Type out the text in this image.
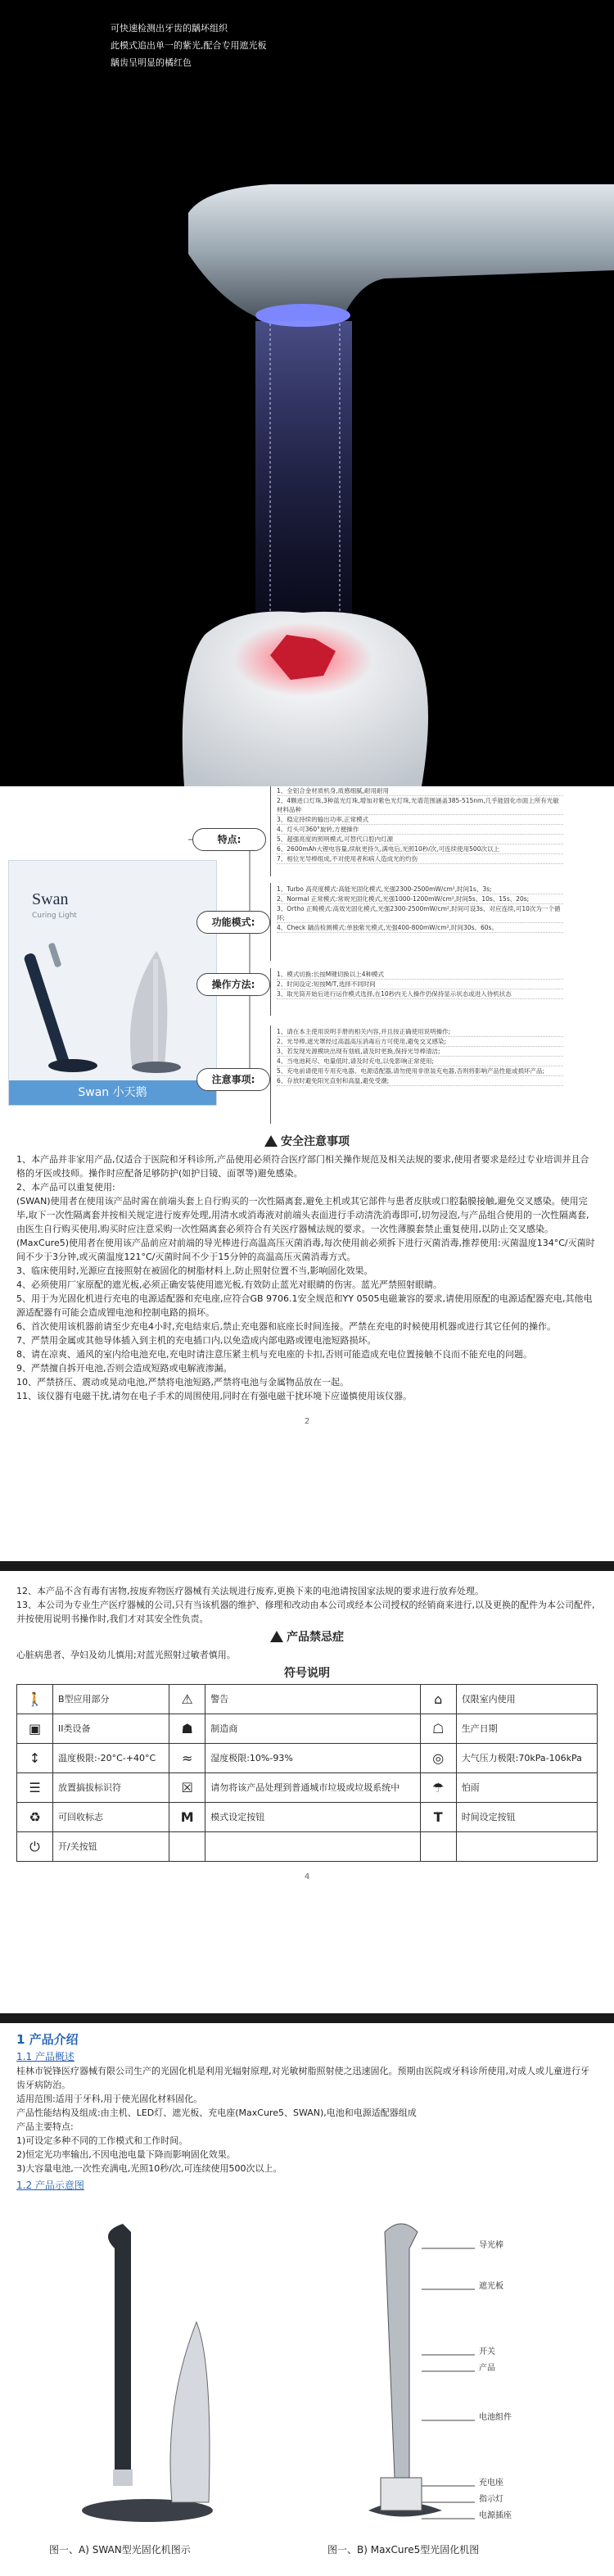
可快速检测出牙齿的龋坏组织
此模式追出单一的紫光,配合专用遮光板
龋齿呈明显的橘红色
Swan
Curing Light
Swan 小天鹅
特点:
1、全铝合金材质机身,质感细腻,耐用耐用
2、4颗进口灯珠,3种蓝光灯珠,增加对紫色光灯珠,光谱范围涵盖385-515nm,几乎能固化市面上所有光敏材料品种
3、稳定持续的输出功率,正常模式
4、灯头可360°旋转,方便操作
5、超强亮度的照明模式,可替代口腔内灯源
6、2600mAh大锂电容量,续航更持久,满电后,光照10秒/次,可连续使用500次以上
7、相位光导棒组成,不对使用者和病人造成光的灼伤
功能模式:
1、Turbo 高亮度模式:高能光固化模式,光强2300-2500mW/cm²,时间1s、3s;
2、Normal 正常模式:常规光固化模式,光强1000-1200mW/cm²,时间5s、10s、15s、20s;
3、Ortho 正畸模式:高效光固化模式,光强2300-2500mW/cm²,时间可设3s、对应连续,可10次为一个循环;
4、Check 龋齿检测模式:单独紫光模式,光强400-800mW/cm²,时间30s、60s。
操作方法:
1、模式切换:长按M键切换以上4种模式
2、时间设定:短按M/T,选择不同时间
3、取光筒开始后进行运作模式选择,在10秒内无人操作仍保持显示状态或进入待机状态
注意事项:
1、请在本主使用说明手册的相关内容,并且按正确使用说明操作;
2、光导棒,遮光罩经过高温高压消毒后方可使用,避免交叉感染;
3、若发现光源模块出现有划痕,请及时更换,保持光导棒清洁;
4、当电池耗尽、电量低时,请及时充电,以免影响正常使用;
5、充电前请使用专用充电器、电源适配器,请勿使用非原装充电器,否则将影响产品性能或损坏产品;
6、存放时避免阳光直射和高温,避免受潮;
安全注意事项

1、本产品并非家用产品,仅适合于医院和牙科诊所,产品使用必须符合医疗部门相关操作规范及相关法规的要求,使用者要求是经过专业培训并且合格的牙医或技师。操作时应配备足够防护(如护目镜、面罩等)避免感染。

2、本产品可以重复使用:

(SWAN)使用者在使用该产品时需在前端头套上自行购买的一次性隔离套,避免主机或其它部件与患者皮肤或口腔黏膜接触,避免交叉感染。使用完毕,取下一次性隔离套并按相关规定进行废弃处理,用清水或消毒液对前端头表面进行手动清洗消毒即可,切勿浸泡,与产品组合使用的一次性隔离套,由医生自行购买使用,购买时应注意采购一次性隔离套必须符合有关医疗器械法规的要求。一次性薄膜套禁止重复使用,以防止交叉感染。

(MaxCure5)使用者在使用该产品前应对前端的导光棒进行高温高压灭菌消毒,每次使用前必须拆下进行灭菌消毒,推荐使用:灭菌温度134°C/灭菌时间不少于3分钟,或灭菌温度121°C/灭菌时间不少于15分钟的高温高压灭菌消毒方式。

3、临床使用时,光源应直接照射在被固化的树脂材料上,防止照射位置不当,影响固化效果。

4、必须使用厂家原配的遮光板,必须正确安装使用遮光板,有效防止蓝光对眼睛的伤害。蓝光严禁照射眼睛。

5、用于为光固化机进行充电的电源适配器和充电座,应符合GB 9706.1安全规范和YY 0505电磁兼容的要求,请使用原配的电源适配器充电,其他电源适配器有可能会造成锂电池和控制电路的损坏。

6、首次使用该机器前请至少充电4小时,充电结束后,禁止充电器和底座长时间连接。严禁在充电的时候使用机器或进行其它任何的操作。

7、严禁用金属或其他导体插入到主机的充电插口内,以免造成内部电路或锂电池短路损坏。

8、请在凉爽、通风的室内给电池充电,充电时请注意压紧主机与充电座的卡扣,否则可能造成充电位置接触不良而不能充电的问题。

9、严禁擅自拆开电池,否则会造成短路或电解液渗漏。

10、严禁挤压、震动或晃动电池,严禁将电池短路,严禁将电池与金属物品放在一起。

11、该仪器有电磁干扰,请勿在电子手术的周围使用,同时在有强电磁干扰环境下应谨慎使用该仪器。

2

12、本产品不含有毒有害物,按废弃物医疗器械有关法规进行废弃,更换下来的电池请按国家法规的要求进行放弃处理。

13、本公司为专业生产医疗器械的公司,只有当该机器的维护、修理和改动由本公司或经本公司授权的经销商来进行,以及更换的配件为本公司配件,并按使用说明书操作时,我们才对其安全性负责。

产品禁忌症

心脏病患者、孕妇及幼儿慎用;对蓝光照射过敏者慎用。

符号说明
🚶	B型应用部分	⚠	警告	⌂	仅限室内使用
▣	II类设备	☗	制造商	☖	生产日期
↕	温度极限:-20°C-+40°C	≈	湿度极限:10%-93%	◎	大气压力极限:70kPa-106kPa
☰	放置搞拔标识符	☒	请勿将该产品处理到普通城市垃圾或垃圾系统中	☂	怕雨
♻	可回收标志	M	模式设定按钮	T	时间设定按钮
⏻	开/关按钮				
4
1 产品介绍
1.1 产品概述

桂林市锐锋医疗器械有限公司生产的光固化机是利用光辐射原理,对光敏树脂照射使之迅速固化。预期由医院或牙科诊所使用,对成人或儿童进行牙齿牙病防治。

适用范围:适用于牙科,用于使光固化材料固化。

产品性能结构及组成:由主机、LED灯、遮光板、充电座(MaxCure5、SWAN),电池和电源适配器组成

产品主要特点:

1)可设定多种不同的工作模式和工作时间。

2)恒定光功率输出,不因电池电量下降而影响固化效果。

3)大容量电池,一次性充满电,光照10秒/次,可连续使用500次以上。

1.2 产品示意图
导光棒
遮光板
开关
产品
电池组件
充电座
指示灯
电源插座
图一、A) SWAN型光固化机图示	图一、B) MaxCure5型光固化机图
